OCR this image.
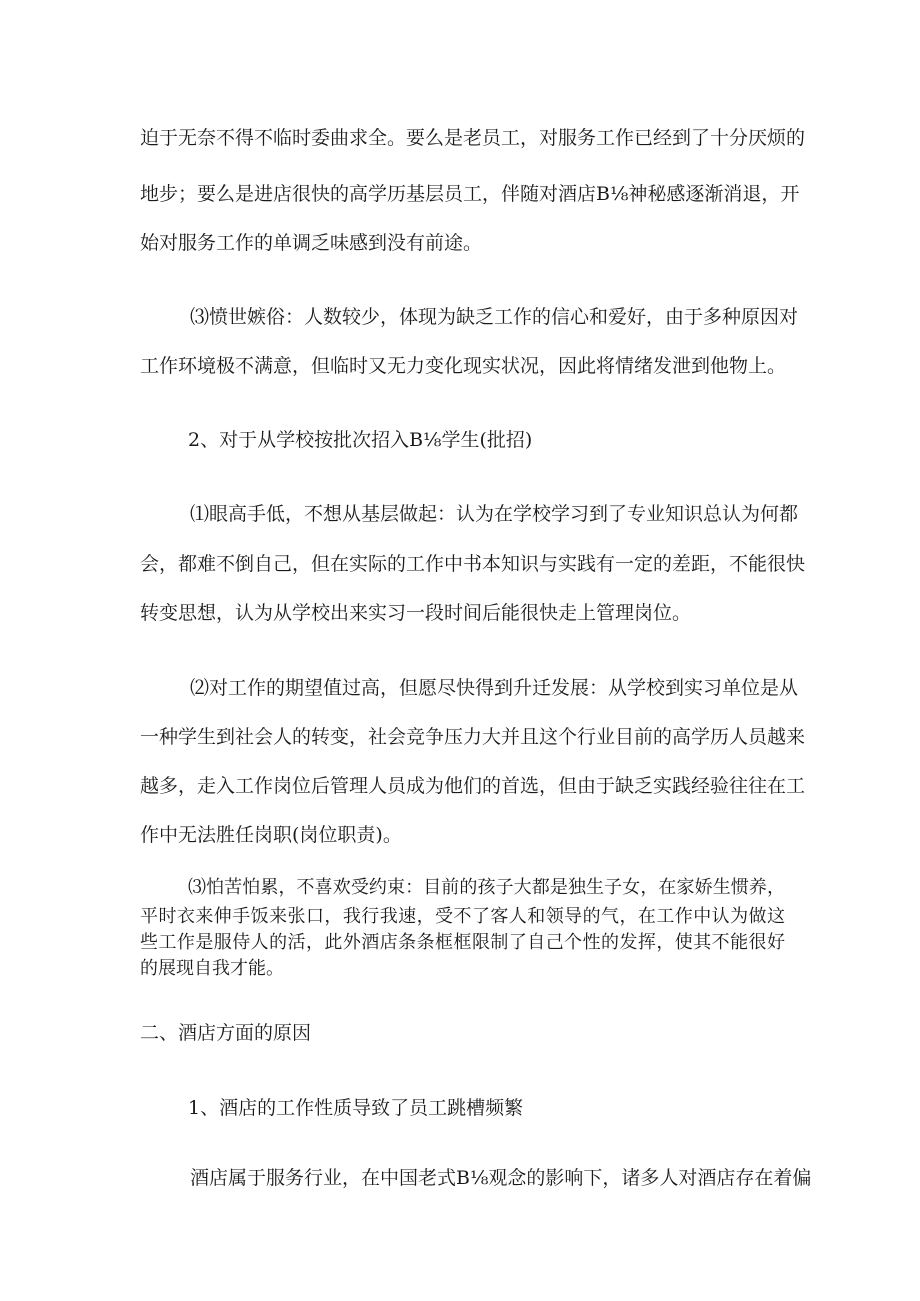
迫于无奈不得不临时委曲求全。要么是老员工，对服务工作已经到了十分厌烦的
地步；要么是进店很快的高学历基层员工，伴随对酒店B⅛神秘感逐渐消退，开
始对服务工作的单调乏味感到没有前途。
⑶愤世嫉俗：人数较少，体现为缺乏工作的信心和爱好，由于多种原因对
工作环境极不满意，但临时又无力变化现实状况，因此将情绪发泄到他物上。
2、对于从学校按批次招入B⅛学生(批招)
⑴眼高手低，不想从基层做起：认为在学校学习到了专业知识总认为何都
会，都难不倒自己，但在实际的工作中书本知识与实践有一定的差距，不能很快
转变思想，认为从学校出来实习一段时间后能很快走上管理岗位。
⑵对工作的期望值过高，但愿尽快得到升迁发展：从学校到实习单位是从
一种学生到社会人的转变，社会竞争压力大并且这个行业目前的高学历人员越来
越多，走入工作岗位后管理人员成为他们的首选，但由于缺乏实践经验往往在工
作中无法胜任岗职(岗位职责)。
⑶怕苦怕累，不喜欢受约束：目前的孩子大都是独生子女，在家娇生惯养，
平时衣来伸手饭来张口，我行我速，受不了客人和领导的气，在工作中认为做这
些工作是服侍人的活，此外酒店条条框框限制了自己个性的发挥，使其不能很好
的展现自我才能。
二、酒店方面的原因
1、酒店的工作性质导致了员工跳槽频繁
酒店属于服务行业，在中国老式B⅛观念的影响下，诸多人对酒店存在着偏
